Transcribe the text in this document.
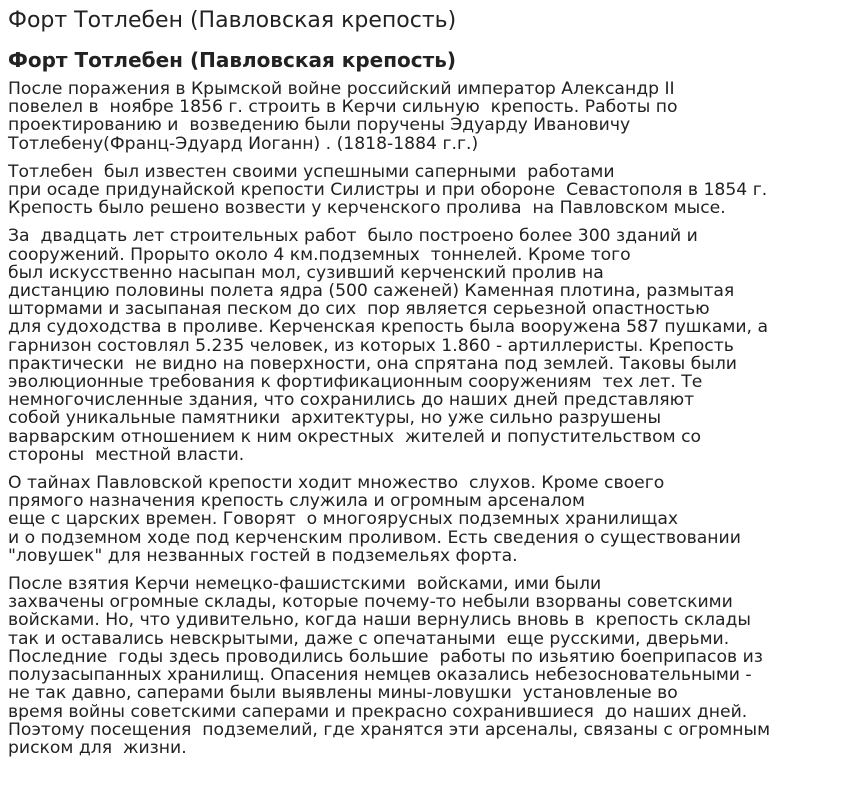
Форт Тотлебен (Павловская крепость)
Форт Тотлебен (Павловская крепость)
После поражения в Крымской войне российский император Александр II
повелел в  ноябре 1856 г. строить в Керчи сильную  крепость. Работы по
проектированию и  возведению были поручены Эдуарду Ивановичу
Тотлебену(Франц-Эдуард Иоганн) . (1818-1884 г.г.)
Тотлебен  был известен своими успешными саперными  работами
при осаде придунайской крепости Силистры и при обороне  Севастополя в 1854 г.
Крепость было решено возвести у керченского пролива  на Павловском мысе.
За  двадцать лет строительных работ  было построено более 300 зданий и
сооружений. Прорыто около 4 км.подземных  тоннелей. Кроме того
был искусственно насыпан мол, сузивший керченский пролив на
дистанцию половины полета ядра (500 саженей) Каменная плотина, размытая
штормами и засыпаная песком до сих  пор является серьезной опастностью
для судоходства в проливе. Керченская крепость была вооружена 587 пушками, а
гарнизон состовлял 5.235 человек, из которых 1.860 - артиллеристы. Крепость
практически  не видно на поверхности, она спрятана под землей. Таковы были
эволюционные требования к фортификационным сооружениям  тех лет. Те
немногочисленные здания, что сохранились до наших дней представляют
собой уникальные памятники  архитектуры, но уже сильно разрушены
варварским отношением к ним окрестных  жителей и попустительством со
стороны  местной власти.
О тайнах Павловской крепости ходит множество  слухов. Кроме своего
прямого назначения крепость служила и огромным арсеналом
еще с царских времен. Говорят  о многоярусных подземных хранилищах
и о подземном ходе под керченским проливом. Есть сведения о существовании
"ловушек" для незванных гостей в подземельях форта.
После взятия Керчи немецко-фашистскими  войсками, ими были
захвачены огромные склады, которые почему-то небыли взорваны советскими
войсками. Но, что удивительно, когда наши вернулись вновь в  крепость склады
так и оставались невскрытыми, даже с опечатаными  еще русскими, дверьми.
Последние  годы здесь проводились большие  работы по изьятию боеприпасов из
полузасыпанных хранилищ. Опасения немцев оказались небезосновательными -
не так давно, саперами были выявлены мины-ловушки  установленые во
время войны советскими саперами и прекрасно сохранившиеся  до наших дней.
Поэтому посещения  подземелий, где хранятся эти арсеналы, связаны с огромным
риском для  жизни.
